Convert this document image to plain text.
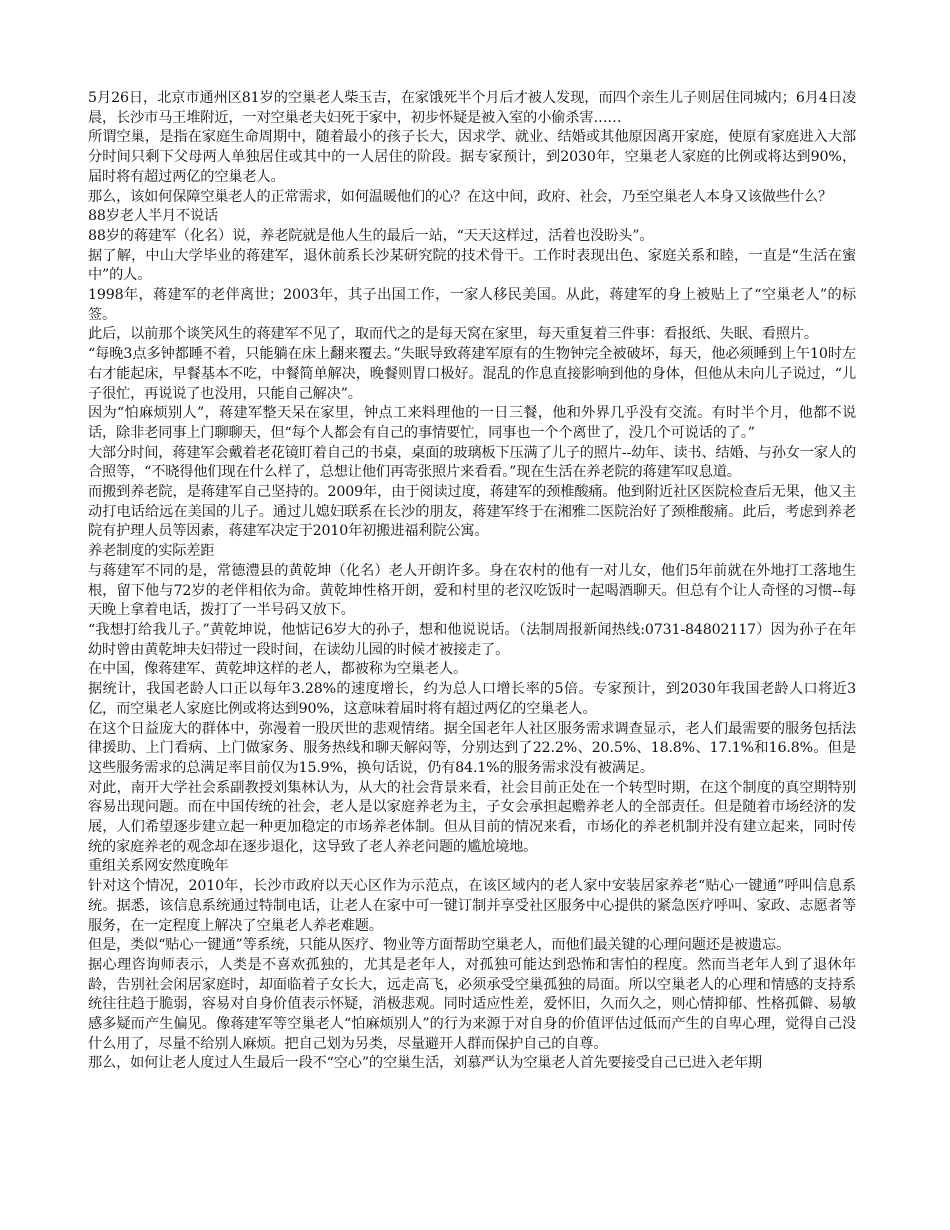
5月26日，北京市通州区81岁的空巢老人柴玉吉，在家饿死半个月后才被人发现，而四个亲生儿子则居住同城内；6月4日凌晨，长沙市马王堆附近，一对空巢老夫妇死于家中，初步怀疑是被入室的小偷杀害……

所谓空巢，是指在家庭生命周期中，随着最小的孩子长大，因求学、就业、结婚或其他原因离开家庭，使原有家庭进入大部分时间只剩下父母两人单独居住或其中的一人居住的阶段。据专家预计，到2030年，空巢老人家庭的比例或将达到90%，届时将有超过两亿的空巢老人。

那么，该如何保障空巢老人的正常需求，如何温暖他们的心？在这中间，政府、社会，乃至空巢老人本身又该做些什么？

88岁老人半月不说话

88岁的蒋建军（化名）说，养老院就是他人生的最后一站，“天天这样过，活着也没盼头”。

据了解，中山大学毕业的蒋建军，退休前系长沙某研究院的技术骨干。工作时表现出色、家庭关系和睦，一直是“生活在蜜中”的人。

1998年，蒋建军的老伴离世；2003年，其子出国工作，一家人移民美国。从此，蒋建军的身上被贴上了“空巢老人”的标签。

此后，以前那个谈笑风生的蒋建军不见了，取而代之的是每天窝在家里，每天重复着三件事：看报纸、失眠、看照片。

“每晚3点多钟都睡不着，只能躺在床上翻来覆去。”失眠导致蒋建军原有的生物钟完全被破坏，每天，他必须睡到上午10时左右才能起床，早餐基本不吃，中餐简单解决，晚餐则胃口极好。混乱的作息直接影响到他的身体，但他从未向儿子说过，“儿子很忙，再说说了也没用，只能自己解决”。

因为“怕麻烦别人”，蒋建军整天呆在家里，钟点工来料理他的一日三餐，他和外界几乎没有交流。有时半个月，他都不说话，除非老同事上门聊聊天，但“每个人都会有自己的事情要忙，同事也一个个离世了，没几个可说话的了。”

大部分时间，蒋建军会戴着老花镜盯着自己的书桌，桌面的玻璃板下压满了儿子的照片--幼年、读书、结婚、与孙女一家人的合照等，“不晓得他们现在什么样了，总想让他们再寄张照片来看看。”现在生活在养老院的蒋建军叹息道。

而搬到养老院，是蒋建军自己坚持的。2009年，由于阅读过度，蒋建军的颈椎酸痛。他到附近社区医院检查后无果，他又主动打电话给远在美国的儿子。通过儿媳妇联系在长沙的朋友，蒋建军终于在湘雅二医院治好了颈椎酸痛。此后，考虑到养老院有护理人员等因素，蒋建军决定于2010年初搬进福利院公寓。

养老制度的实际差距

与蒋建军不同的是，常德澧县的黄乾坤（化名）老人开朗许多。身在农村的他有一对儿女，他们5年前就在外地打工落地生根，留下他与72岁的老伴相依为命。黄乾坤性格开朗，爱和村里的老汉吃饭时一起喝酒聊天。但总有个让人奇怪的习惯--每天晚上拿着电话，拨打了一半号码又放下。

“我想打给我儿子。”黄乾坤说，他惦记6岁大的孙子，想和他说说话。（法制周报新闻热线:0731-84802117）因为孙子在年幼时曾由黄乾坤夫妇带过一段时间，在读幼儿园的时候才被接走了。

在中国，像蒋建军、黄乾坤这样的老人，都被称为空巢老人。

据统计，我国老龄人口正以每年3.28%的速度增长，约为总人口增长率的5倍。专家预计，到2030年我国老龄人口将近3亿，而空巢老人家庭比例或将达到90%，这意味着届时将有超过两亿的空巢老人。

在这个日益庞大的群体中，弥漫着一股厌世的悲观情绪。据全国老年人社区服务需求调查显示，老人们最需要的服务包括法律援助、上门看病、上门做家务、服务热线和聊天解闷等，分别达到了22.2%、20.5%、18.8%、17.1%和16.8%。但是这些服务需求的总满足率目前仅为15.9%，换句话说，仍有84.1%的服务需求没有被满足。

对此，南开大学社会系副教授刘集林认为，从大的社会背景来看，社会目前正处在一个转型时期，在这个制度的真空期特别容易出现问题。而在中国传统的社会，老人是以家庭养老为主，子女会承担起赡养老人的全部责任。但是随着市场经济的发展，人们希望逐步建立起一种更加稳定的市场养老体制。但从目前的情况来看，市场化的养老机制并没有建立起来，同时传统的家庭养老的观念却在逐步退化，这导致了老人养老问题的尴尬境地。

重组关系网安然度晚年

针对这个情况，2010年，长沙市政府以天心区作为示范点，在该区域内的老人家中安装居家养老“贴心一键通”呼叫信息系统。据悉，该信息系统通过特制电话，让老人在家中可一键订制并享受社区服务中心提供的紧急医疗呼叫、家政、志愿者等服务，在一定程度上解决了空巢老人养老难题。

但是，类似“贴心一键通”等系统，只能从医疗、物业等方面帮助空巢老人，而他们最关键的心理问题还是被遗忘。

据心理咨询师表示，人类是不喜欢孤独的，尤其是老年人，对孤独可能达到恐怖和害怕的程度。然而当老年人到了退休年龄，告别社会闲居家庭时，却面临着子女长大，远走高飞，必须承受空巢孤独的局面。所以空巢老人的心理和情感的支持系统往往趋于脆弱，容易对自身价值表示怀疑，消极悲观。同时适应性差，爱怀旧，久而久之，则心情抑郁、性格孤僻、易敏感多疑而产生偏见。像蒋建军等空巢老人“怕麻烦别人”的行为来源于对自身的价值评估过低而产生的自卑心理，觉得自己没什么用了，尽量不给别人麻烦。把自己划为另类，尽量避开人群而保护自己的自尊。

那么，如何让老人度过人生最后一段不“空心”的空巢生活，刘慕严认为空巢老人首先要接受自己已进入老年期
